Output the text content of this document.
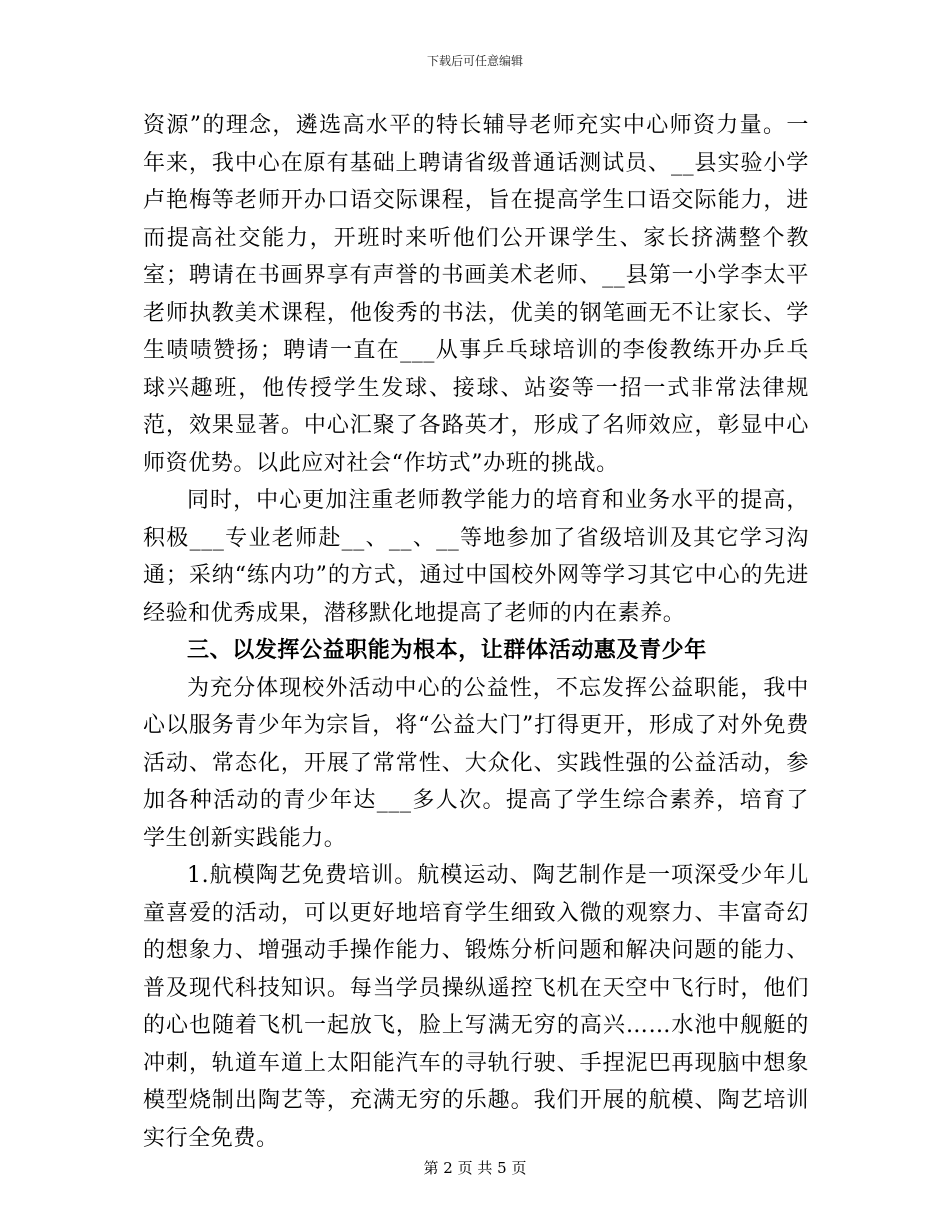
下载后可任意编辑

资源”的理念，遴选高水平的特长辅导老师充实中心师资力量。一年来，我中心在原有基础上聘请省级普通话测试员、__县实验小学卢艳梅等老师开办口语交际课程，旨在提高学生口语交际能力，进而提高社交能力，开班时来听他们公开课学生、家长挤满整个教室；聘请在书画界享有声誉的书画美术老师、__县第一小学李太平老师执教美术课程，他俊秀的书法，优美的钢笔画无不让家长、学生啧啧赞扬；聘请一直在___从事乒乓球培训的李俊教练开办乒乓球兴趣班，他传授学生发球、接球、站姿等一招一式非常法律规范，效果显著。中心汇聚了各路英才，形成了名师效应，彰显中心师资优势。以此应对社会“作坊式”办班的挑战。

同时，中心更加注重老师教学能力的培育和业务水平的提高，积极___专业老师赴__、__、__等地参加了省级培训及其它学习沟通；采纳“练内功”的方式，通过中国校外网等学习其它中心的先进经验和优秀成果，潜移默化地提高了老师的内在素养。

三、以发挥公益职能为根本，让群体活动惠及青少年

为充分体现校外活动中心的公益性，不忘发挥公益职能，我中心以服务青少年为宗旨，将“公益大门”打得更开，形成了对外免费活动、常态化，开展了常常性、大众化、实践性强的公益活动，参加各种活动的青少年达___多人次。提高了学生综合素养，培育了学生创新实践能力。

1.航模陶艺免费培训。航模运动、陶艺制作是一项深受少年儿童喜爱的活动，可以更好地培育学生细致入微的观察力、丰富奇幻的想象力、增强动手操作能力、锻炼分析问题和解决问题的能力、普及现代科技知识。每当学员操纵遥控飞机在天空中飞行时，他们的心也随着飞机一起放飞，脸上写满无穷的高兴……水池中舰艇的冲刺，轨道车道上太阳能汽车的寻轨行驶、手捏泥巴再现脑中想象模型烧制出陶艺等，充满无穷的乐趣。我们开展的航模、陶艺培训实行全免费。

第 2 页 共 5 页
